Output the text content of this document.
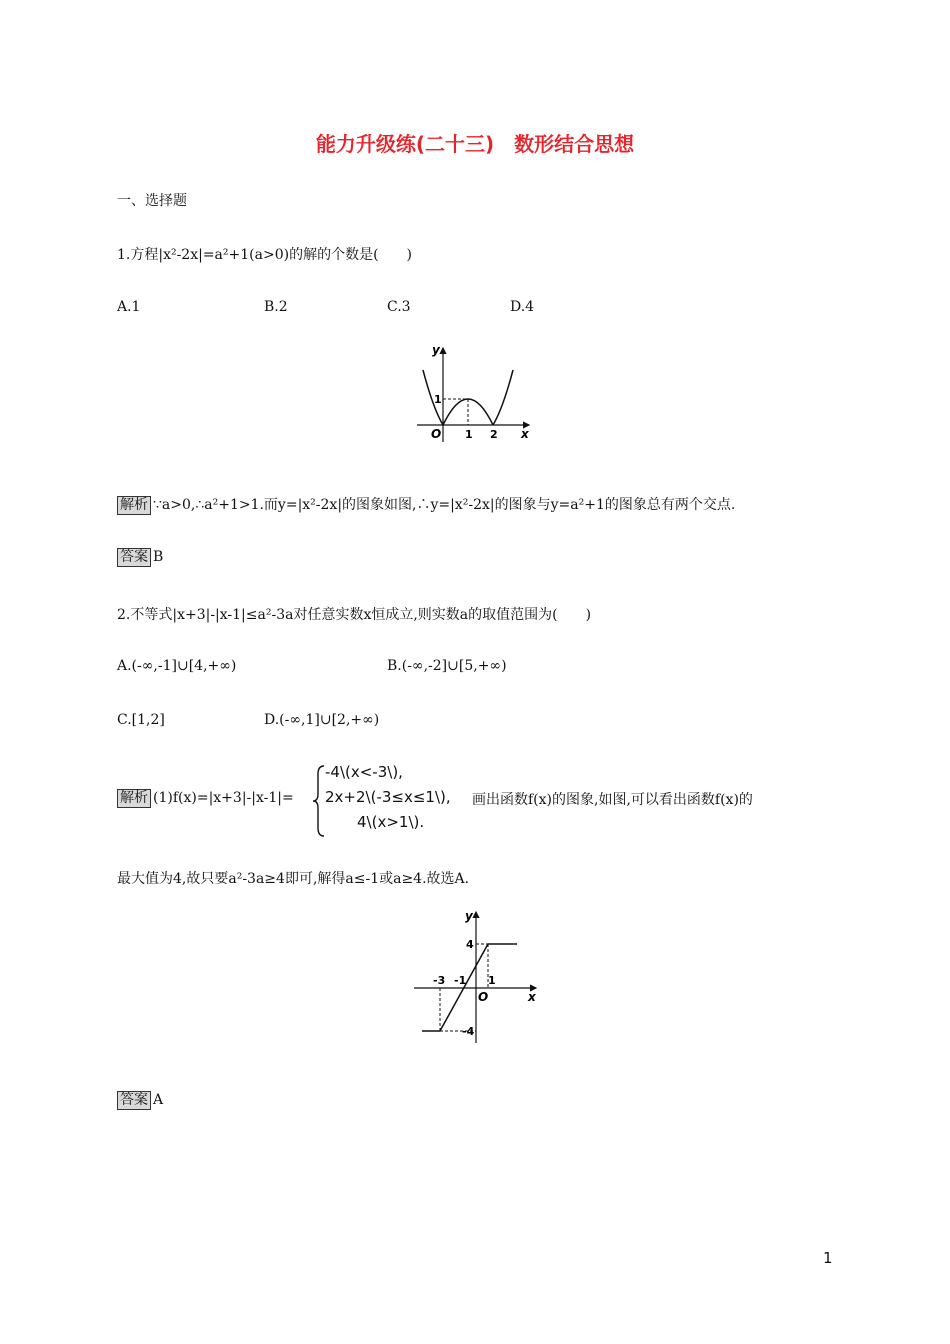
能力升级练(二十三)　数形结合思想
一、选择题
1.方程|x²-2x|=a²+1(a>0)的解的个数是(　　)
A.1	B.2	C.3	D.4
y
x
O
1
1 2
解析 ∵a>0,∴a²+1>1.而y=|x²-2x|的图象如图,∴y=|x²-2x|的图象与y=a²+1的图象总有两个交点.
答案 B
2.不等式|x+3|-|x-1|≤a²-3a对任意实数x恒成立,则实数a的取值范围为(　　)
A.(-∞,-1]∪[4,+∞)	B.(-∞,-2]∪[5,+∞)
C.[1,2]	D.(-∞,1]∪[2,+∞)
解析 (1)f(x)=|x+3|-|x-1|=
-4\(x<-3\),
2x+2\(-3≤x≤1\),
4\(x>1\).
画出函数f(x)的图象,如图,可以看出函数f(x)的
最大值为4,故只要a²-3a≥4即可,解得a≤-1或a≥4.故选A.
y
x
O
4
-4
-3 -1 1
答案 A
1
